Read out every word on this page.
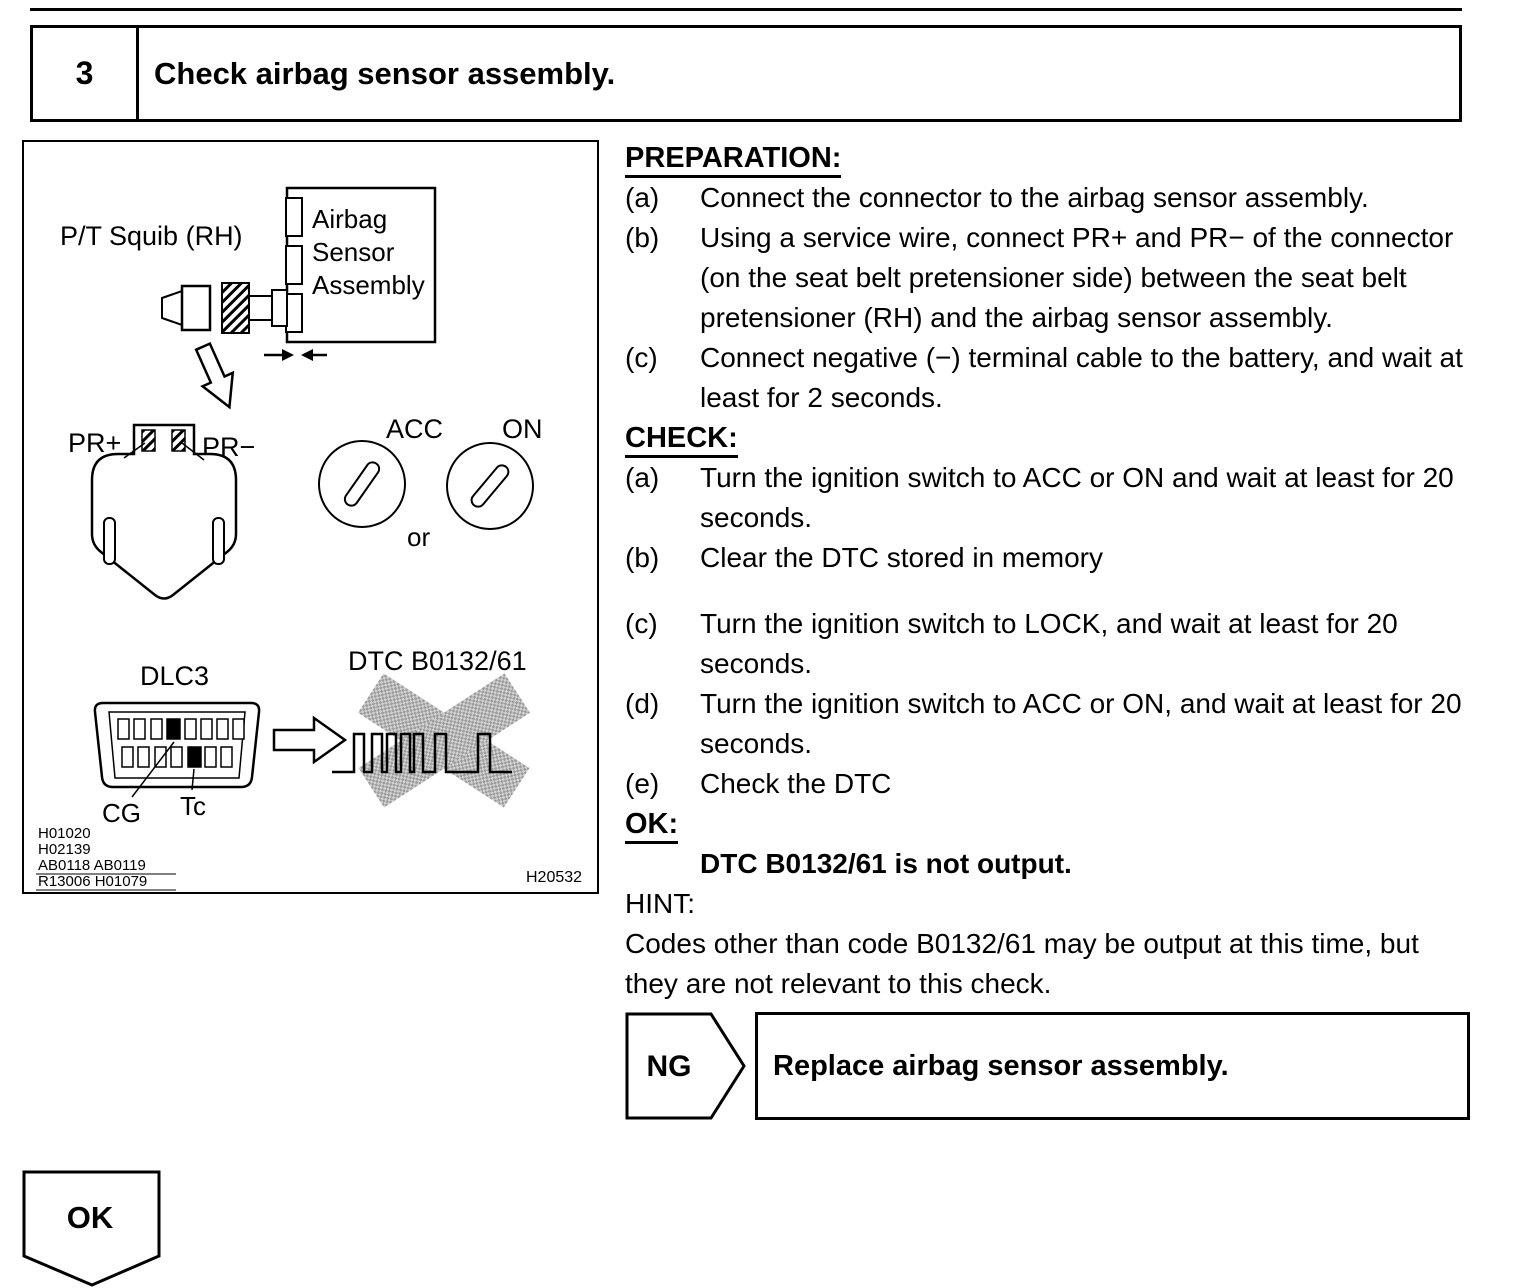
3	Check airbag sensor assembly.
Airbag
Sensor
Assembly
P/T Squib (RH)
PR+	PR−
ACC ON
or
DLC3
CG Tc
DTC B0132/61
H01020
H02139
AB0118 AB0119
R13006 H01079	H20532
PREPARATION:
(a)	Connect the connector to the airbag sensor assembly.
(b)	Using a service wire, connect PR+ and PR− of the connector (on the seat belt pretensioner side) between the seat belt pretensioner (RH) and the airbag sensor assembly.
(c)	Connect negative (−) terminal cable to the battery, and wait at least for 2 seconds.
CHECK:
(a)	Turn the ignition switch to ACC or ON and wait at least for 20 seconds.
(b)	Clear the DTC stored in memory
(c)	Turn the ignition switch to LOCK, and wait at least for 20 seconds.
(d)	Turn the ignition switch to ACC or ON, and wait at least for 20 seconds.
(e)	Check the DTC
OK:
DTC B0132/61 is not output.
HINT:
Codes other than code B0132/61 may be output at this time, but they are not relevant to this check.
NG	Replace airbag sensor assembly.
OK
